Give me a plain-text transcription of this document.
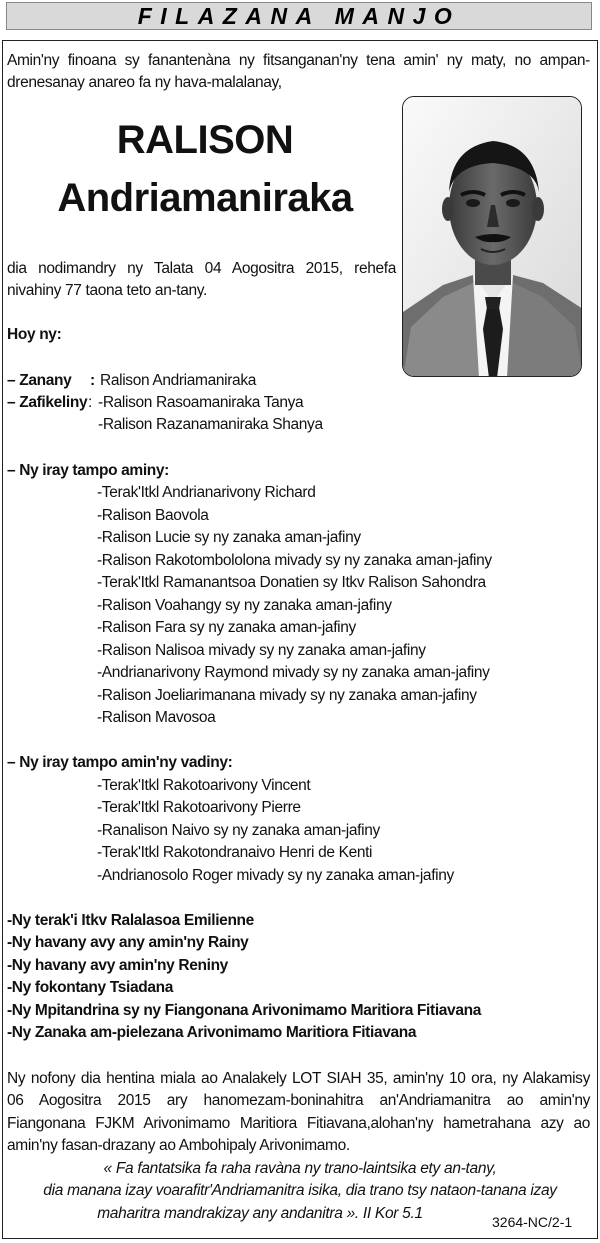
FILAZANA MANJO
Amin'ny finoana sy fanantenàna ny fitsanganan'ny tena amin' ny maty, no ampan-
drenesanay anareo fa ny hava-malalanay,
RALISON
Andriamaniraka
dia nodimandry ny Talata 04 Aogositra 2015, rehefa
nivahiny 77 taona teto an-tany.
Hoy ny:
– Zanany : Ralison Andriamaniraka
– Zafikeliny : -Ralison Rasoamaniraka Tanya
-Ralison Razanamaniraka Shanya
– Ny iray tampo aminy:
-Terak'Itkl Andrianarivony Richard
-Ralison Baovola
-Ralison Lucie sy ny zanaka aman-jafiny
-Ralison Rakotombololona mivady sy ny zanaka aman-jafiny
-Terak'Itkl Ramanantsoa Donatien sy Itkv Ralison Sahondra
-Ralison Voahangy sy ny zanaka aman-jafiny
-Ralison Fara sy ny zanaka aman-jafiny
-Ralison Nalisoa mivady sy ny zanaka aman-jafiny
-Andrianarivony Raymond mivady sy ny zanaka aman-jafiny
-Ralison Joeliarimanana mivady sy ny zanaka aman-jafiny
-Ralison Mavosoa
– Ny iray tampo amin'ny vadiny:
-Terak'Itkl Rakotoarivony Vincent
-Terak'Itkl Rakotoarivony Pierre
-Ranalison Naivo sy ny zanaka aman-jafiny
-Terak'Itkl Rakotondranaivo Henri de Kenti
-Andrianosolo Roger mivady sy ny zanaka aman-jafiny
-Ny terak'i Itkv Ralalasoa Emilienne
-Ny havany avy any amin'ny Rainy
-Ny havany avy amin'ny Reniny
-Ny fokontany Tsiadana
-Ny Mpitandrina sy ny Fiangonana Arivonimamo Maritiora Fitiavana
-Ny Zanaka am-pielezana Arivonimamo Maritiora Fitiavana
Ny nofony dia hentina miala ao Analakely LOT SIAH 35, amin'ny 10 ora, ny Alakamisy
06 Aogositra 2015 ary hanomezam-boninahitra an'Andriamanitra ao amin'ny
Fiangonana FJKM Arivonimamo Maritiora Fitiavana,alohan'ny hametrahana azy ao
amin'ny fasan-drazany ao Ambohipaly Arivonimamo.
« Fa fantatsika fa raha ravàna ny trano-laintsika ety an-tany,
dia manana izay voarafitr'Andriamanitra isika, dia trano tsy nataon-tanana izay
maharitra mandrakizay any andanitra ». II Kor 5.1	3264-NC/2-1
